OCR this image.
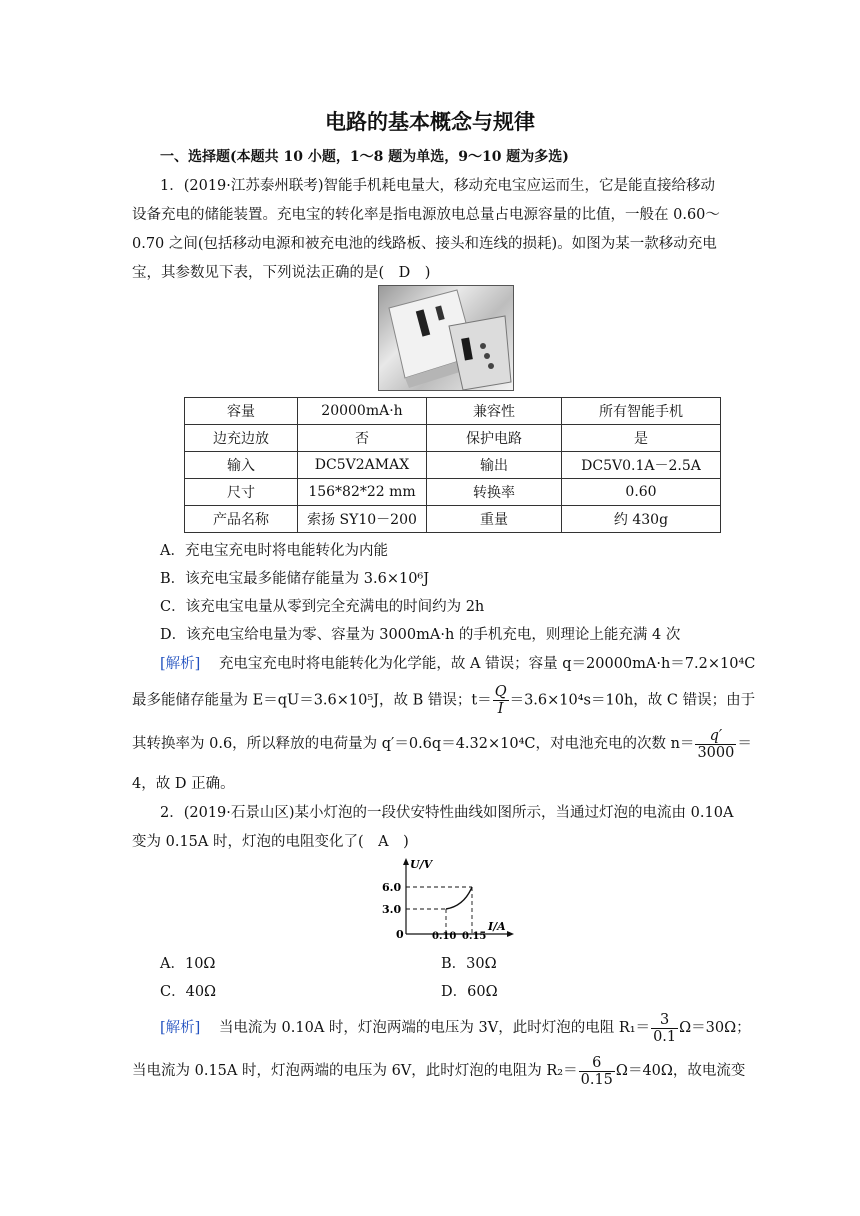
电路的基本概念与规律
一、选择题(本题共 10 小题，1～8 题为单选，9～10 题为多选)
1．(2019·江苏泰州联考)智能手机耗电量大，移动充电宝应运而生，它是能直接给移动
设备充电的储能装置。充电宝的转化率是指电源放电总量占电源容量的比值，一般在 0.60～
0.70 之间(包括移动电源和被充电池的线路板、接头和连线的损耗)。如图为某一款移动充电
宝，其参数见下表，下列说法正确的是(　D　)
容量	20000mA·h	兼容性	所有智能手机
边充边放	否	保护电路	是
输入	DC5V2AMAX	输出	DC5V0.1A－2.5A
尺寸	156*82*22 mm	转换率	0.60
产品名称	索扬 SY10－200	重量	约 430g
A．充电宝充电时将电能转化为内能
B．该充电宝最多能储存能量为 3.6×10⁶J
C．该充电宝电量从零到完全充满电的时间约为 2h
D．该充电宝给电量为零、容量为 3000mA·h 的手机充电，则理论上能充满 4 次
[解析] 充电宝充电时将电能转化为化学能，故 A 错误；容量 q＝20000mA·h＝7.2×10⁴C
最多能储存能量为 E＝qU＝3.6×10⁵J，故 B 错误；$t= \frac{Q}{I} =3.6\times 10^4s=10h$，故 C 错误；由于
其转换率为 0.6，所以释放的电荷量为 q′＝0.6q＝4.32×10⁴C，对电池充电的次数 $n= \frac{q'}{3000}$ ＝
4，故 D 正确。
2．(2019·石景山区)某小灯泡的一段伏安特性曲线如图所示，当通过灯泡的电流由 0.10A
变为 0.15A 时，灯泡的电阻变化了(　A　)
U/V
I/A
6.0
3.0
0	0.10 0.15
A．10Ω	B．30Ω
C．40Ω	D．60Ω
[解析] 当电流为 0.10A 时，灯泡两端的电压为 3V，此时灯泡的电阻 $R_1= \frac{3}{0.1} \Omega=30\Omega$；
当电流为 0.15A 时，灯泡两端的电压为 6V，此时灯泡的电阻为 $R_2= \frac{6}{0.15} \Omega=40\Omega$，故电流变
